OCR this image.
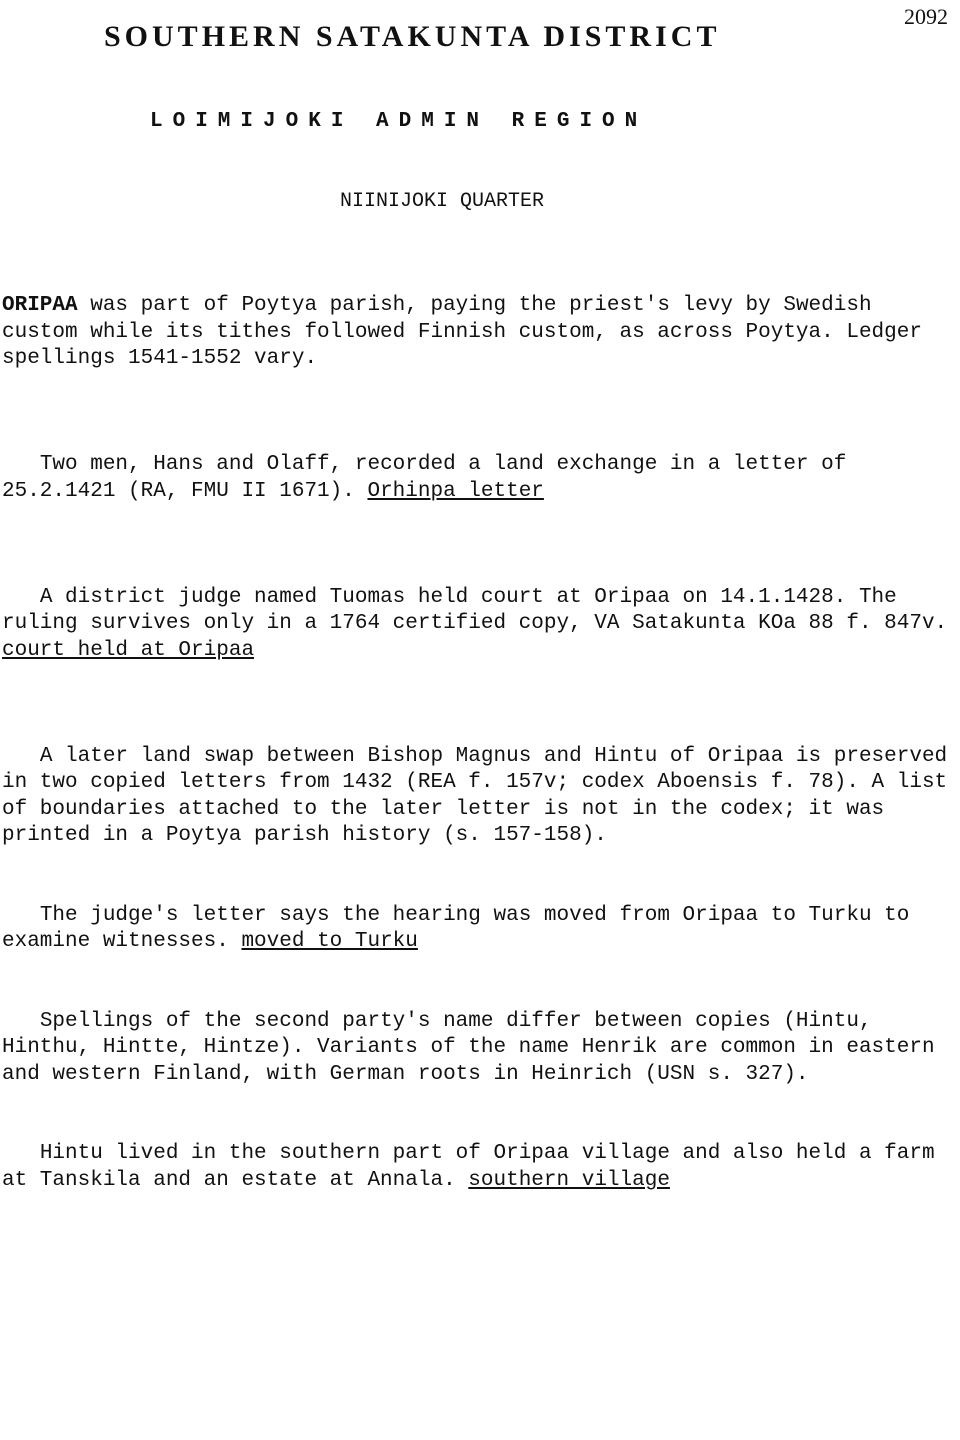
2092
SOUTHERN SATAKUNTA DISTRICT
LOIMIJOKI ADMIN REGION
NIINIJOKI QUARTER

ORIPAA was part of Poytya parish, paying the priest's levy by Swedish custom while its tithes followed Finnish custom, as across Poytya. Ledger spellings 1541-1552 vary.

Two men, Hans and Olaff, recorded a land exchange in a letter of 25.2.1421 (RA, FMU II 1671). Orhinpa letter

A district judge named Tuomas held court at Oripaa on 14.1.1428. The ruling survives only in a 1764 certified copy, VA Satakunta KOa 88 f. 847v. court held at Oripaa

A later land swap between Bishop Magnus and Hintu of Oripaa is preserved in two copied letters from 1432 (REA f. 157v; codex Aboensis f. 78). A list of boundaries attached to the later letter is not in the codex; it was printed in a Poytya parish history (s. 157-158).

The judge's letter says the hearing was moved from Oripaa to Turku to examine witnesses. moved to Turku

Spellings of the second party's name differ between copies (Hintu, Hinthu, Hintte, Hintze). Variants of the name Henrik are common in eastern and western Finland, with German roots in Heinrich (USN s. 327).

Hintu lived in the southern part of Oripaa village and also held a farm at Tanskila and an estate at Annala. southern village
